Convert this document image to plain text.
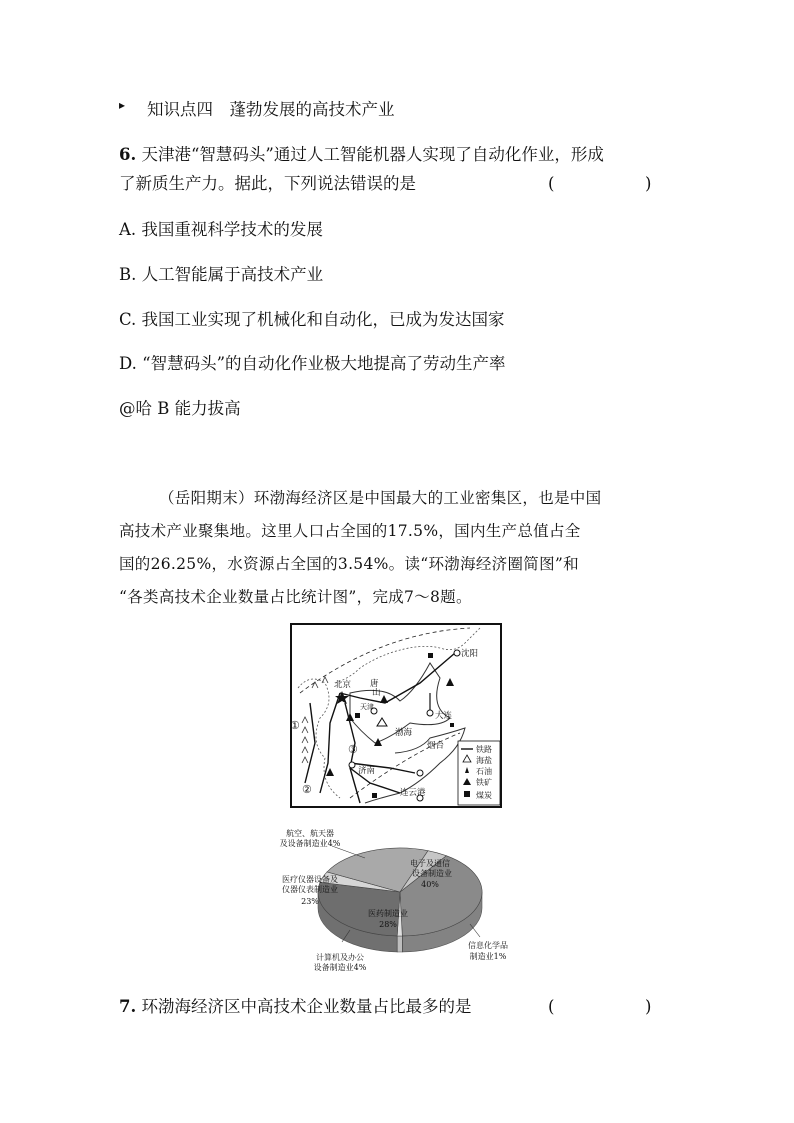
▸ 知识点四　蓬勃发展的高技术产业
6. 天津港“智慧码头”通过人工智能机器人实现了自动化作业，形成
了新质生产力。据此，下列说法错误的是	(	)
A. 我国重视科学技术的发展
B. 人工智能属于高技术产业
C. 我国工业实现了机械化和自动化，已成为发达国家
D. “智慧码头”的自动化作业极大地提高了劳动生产率
@哈 B 能力拔高
（岳阳期末）环渤海经济区是中国最大的工业密集区，也是中国
高技术产业聚集地。这里人口占全国的17.5%，国内生产总值占全
国的26.25%，水资源占全国的3.54%。读“环渤海经济圈简图”和
“各类高技术企业数量占比统计图”，完成7～8题。
沈阳
北京 唐
山
天津
大连
渤海
烟台
济南
连云港
①
②
③	铁路
海盐
石油
铁矿
煤炭
航空、航天器
及设备制造业4%
医疗仪器设备及
仪器仪表制造业
23%
电子及通信
设备制造业
40%
医药制造业
28%
计算机及办公
设备制造业4%
信息化学品
制造业1%
7. 环渤海经济区中高技术企业数量占比最多的是	(	)
